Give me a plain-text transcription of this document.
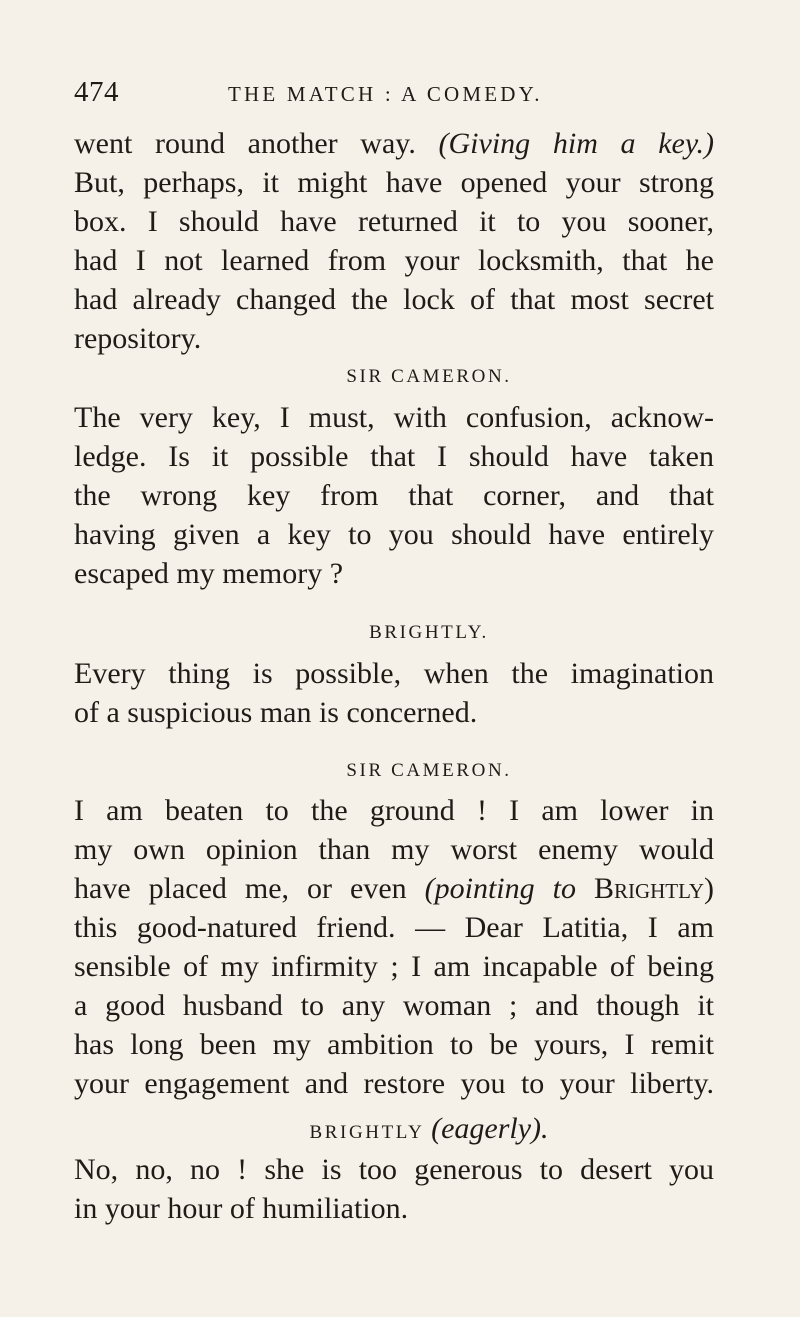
474	THE MATCH : A COMEDY.

went round another way. (Giving him a key.)
But, perhaps, it might have opened your strong
box. I should have returned it to you sooner,
had I not learned from your locksmith, that he
had already changed the lock of that most secret
repository.

SIR CAMERON.

The very key, I must, with confusion, acknow-
ledge. Is it possible that I should have taken
the wrong key from that corner, and that
having given a key to you should have entirely
escaped my memory ?

BRIGHTLY.

Every thing is possible, when the imagination
of a suspicious man is concerned.

SIR CAMERON.

I am beaten to the ground ! I am lower in
my own opinion than my worst enemy would
have placed me, or even (pointing to Brightly)
this good-natured friend. — Dear Latitia, I am
sensible of my infirmity ; I am incapable of being
a good husband to any woman ; and though it
has long been my ambition to be yours, I remit
your engagement and restore you to your liberty.

BRIGHTLY (eagerly).

No, no, no ! she is too generous to desert you
in your hour of humiliation.
